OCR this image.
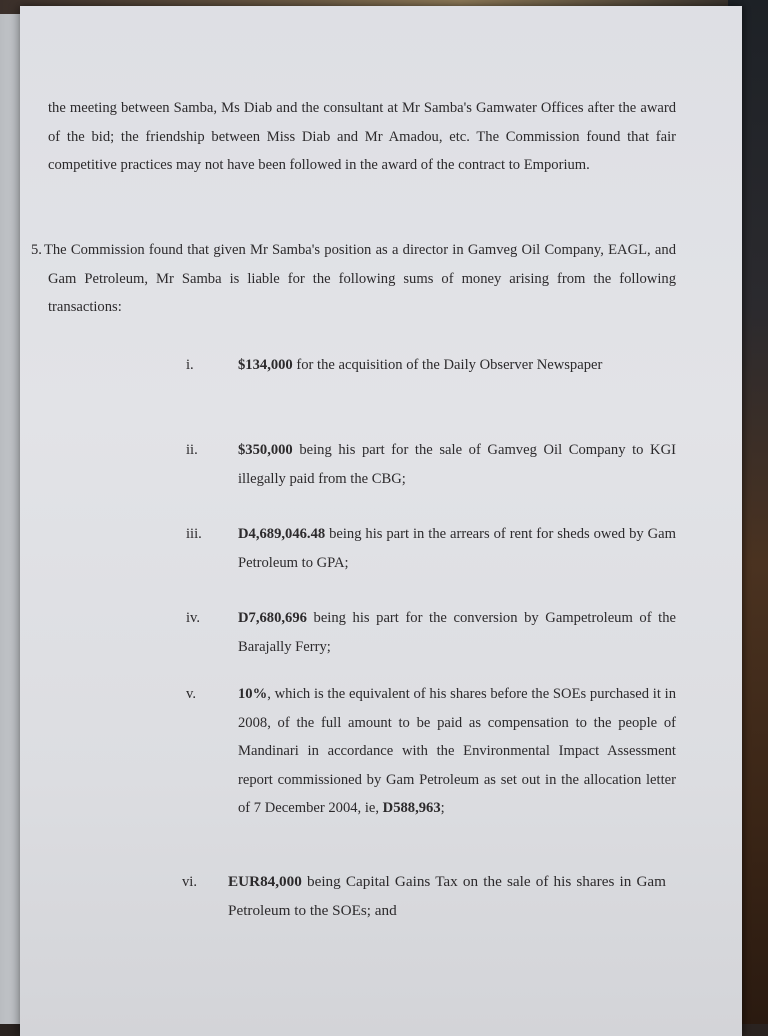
the meeting between Samba, Ms Diab and the consultant at Mr Samba's Gamwater Offices after the award of the bid; the friendship between Miss Diab and Mr Amadou, etc. The Commission found that fair competitive practices may not have been followed in the award of the contract to Emporium.
5. The Commission found that given Mr Samba's position as a director in Gamveg Oil Company, EAGL, and Gam Petroleum, Mr Samba is liable for the following sums of money arising from the following transactions:
i.	$134,000 for the acquisition of the Daily Observer Newspaper
ii.	$350,000 being his part for the sale of Gamveg Oil Company to KGI illegally paid from the CBG;
iii.	D4,689,046.48 being his part in the arrears of rent for sheds owed by Gam Petroleum to GPA;
iv.	D7,680,696 being his part for the conversion by Gampetroleum of the Barajally Ferry;
v.	10%, which is the equivalent of his shares before the SOEs purchased it in 2008, of the full amount to be paid as compensation to the people of Mandinari in accordance with the Environmental Impact Assessment report commissioned by Gam Petroleum as set out in the allocation letter of 7 December 2004, ie, D588,963;
vi.	EUR84,000 being Capital Gains Tax on the sale of his shares in Gam Petroleum to the SOEs; and
